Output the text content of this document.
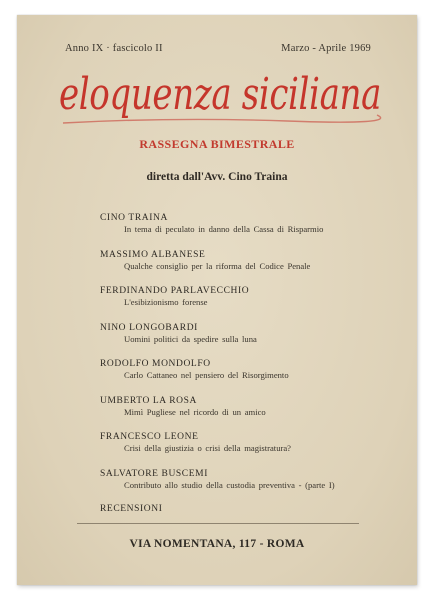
Anno IX · fascicolo II	Marzo - Aprile 1969
eloquenza siciliana
RASSEGNA BIMESTRALE
diretta dall'Avv. Cino Traina
CINO TRAINA
In tema di peculato in danno della Cassa di Risparmio
MASSIMO ALBANESE
Qualche consiglio per la riforma del Codice Penale
FERDINANDO PARLAVECCHIO
L'esibizionismo forense
NINO LONGOBARDI
Uomini politici da spedire sulla luna
RODOLFO MONDOLFO
Carlo Cattaneo nel pensiero del Risorgimento
UMBERTO LA ROSA
Mimì Pugliese nel ricordo di un amico
FRANCESCO LEONE
Crisi della giustizia o crisi della magistratura?
SALVATORE BUSCEMI
Contributo allo studio della custodia preventiva - (parte I)
RECENSIONI
VIA NOMENTANA, 117 - ROMA
